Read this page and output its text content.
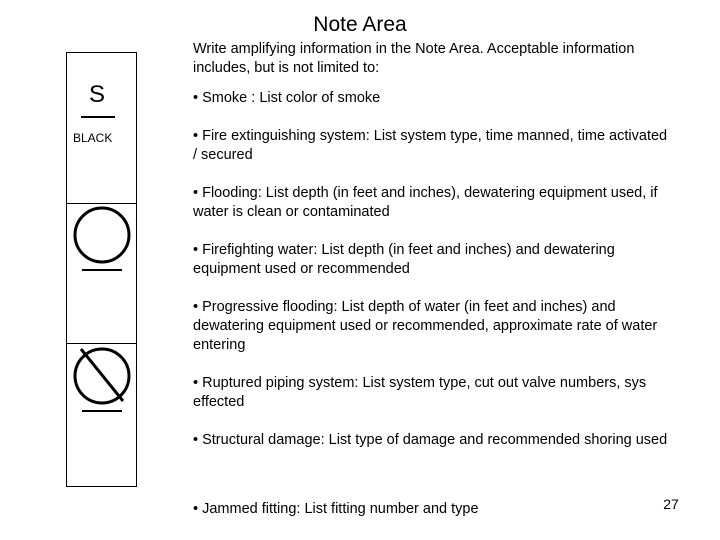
Note Area
S
BLACK

Write amplifying information in the Note Area. Acceptable information includes, but is not limited to:

• Smoke : List color of smoke

• Fire extinguishing system: List system type, time manned, time activated / secured

• Flooding: List depth (in feet and inches), dewatering equipment used, if water is clean or contaminated

• Firefighting water: List depth (in feet and inches) and dewatering equipment used or recommended

• Progressive flooding: List depth of water (in feet and inches) and dewatering equipment used or recommended, approximate rate of water entering

• Ruptured piping system: List system type, cut out valve numbers, sys effected

• Structural damage: List type of damage and recommended shoring used

• Jammed fitting: List fitting number and type	27
